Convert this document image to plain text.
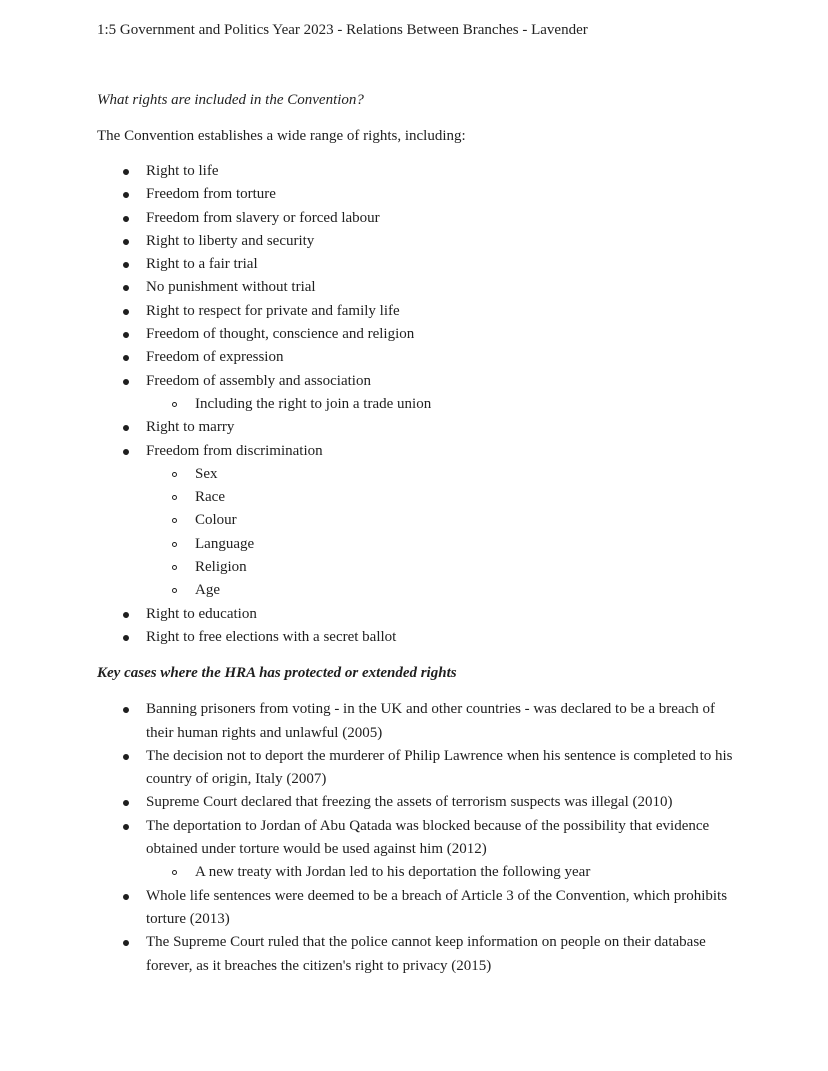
1:5 Government and Politics Year 2023 - Relations Between Branches - Lavender

What rights are included in the Convention?

The Convention establishes a wide range of rights, including:

Right to life
Freedom from torture
Freedom from slavery or forced labour
Right to liberty and security
Right to a fair trial
No punishment without trial
Right to respect for private and family life
Freedom of thought, conscience and religion
Freedom of expression
Freedom of assembly and association
Including the right to join a trade union
Right to marry
Freedom from discrimination
Sex
Race
Colour
Language
Religion
Age
Right to education
Right to free elections with a secret ballot

Key cases where the HRA has protected or extended rights

Banning prisoners from voting - in the UK and other countries - was declared to be a breach of their human rights and unlawful (2005)
The decision not to deport the murderer of Philip Lawrence when his sentence is completed to his country of origin, Italy (2007)
Supreme Court declared that freezing the assets of terrorism suspects was illegal (2010)
The deportation to Jordan of Abu Qatada was blocked because of the possibility that evidence obtained under torture would be used against him (2012)
A new treaty with Jordan led to his deportation the following year
Whole life sentences were deemed to be a breach of Article 3 of the Convention, which prohibits torture (2013)
The Supreme Court ruled that the police cannot keep information on people on their database forever, as it breaches the citizen's right to privacy (2015)
